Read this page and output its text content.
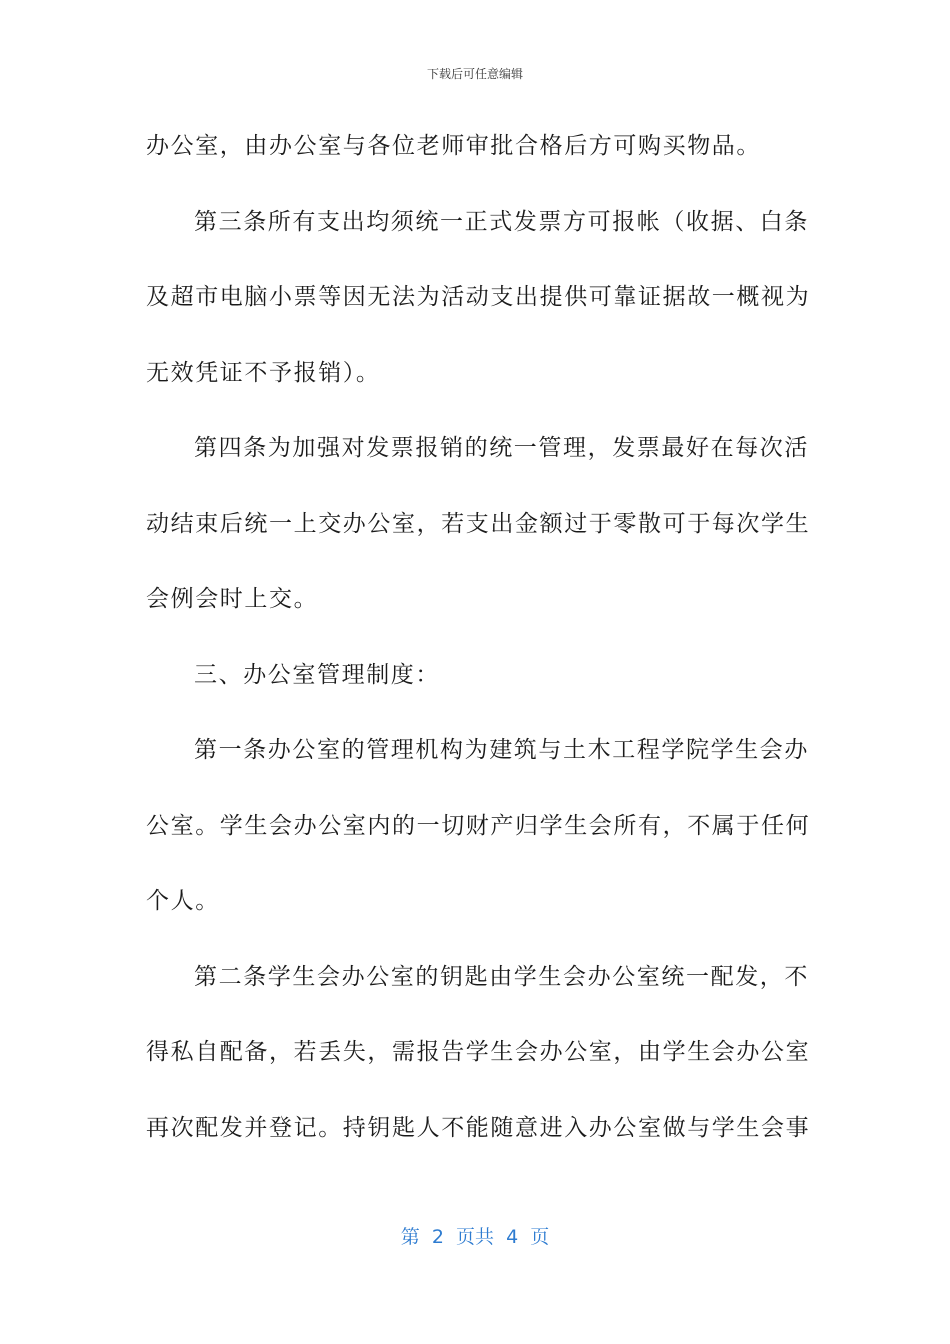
下载后可任意编辑
办公室，由办公室与各位老师审批合格后方可购买物品。
第三条所有支出均须统一正式发票方可报帐（收据、白条
及超市电脑小票等因无法为活动支出提供可靠证据故一概视为
无效凭证不予报销）。
第四条为加强对发票报销的统一管理，发票最好在每次活
动结束后统一上交办公室，若支出金额过于零散可于每次学生
会例会时上交。
三、办公室管理制度：
第一条办公室的管理机构为建筑与土木工程学院学生会办
公室。学生会办公室内的一切财产归学生会所有，不属于任何
个人。
第二条学生会办公室的钥匙由学生会办公室统一配发，不
得私自配备，若丢失，需报告学生会办公室，由学生会办公室
再次配发并登记。持钥匙人不能随意进入办公室做与学生会事
第  2  页共  4  页
